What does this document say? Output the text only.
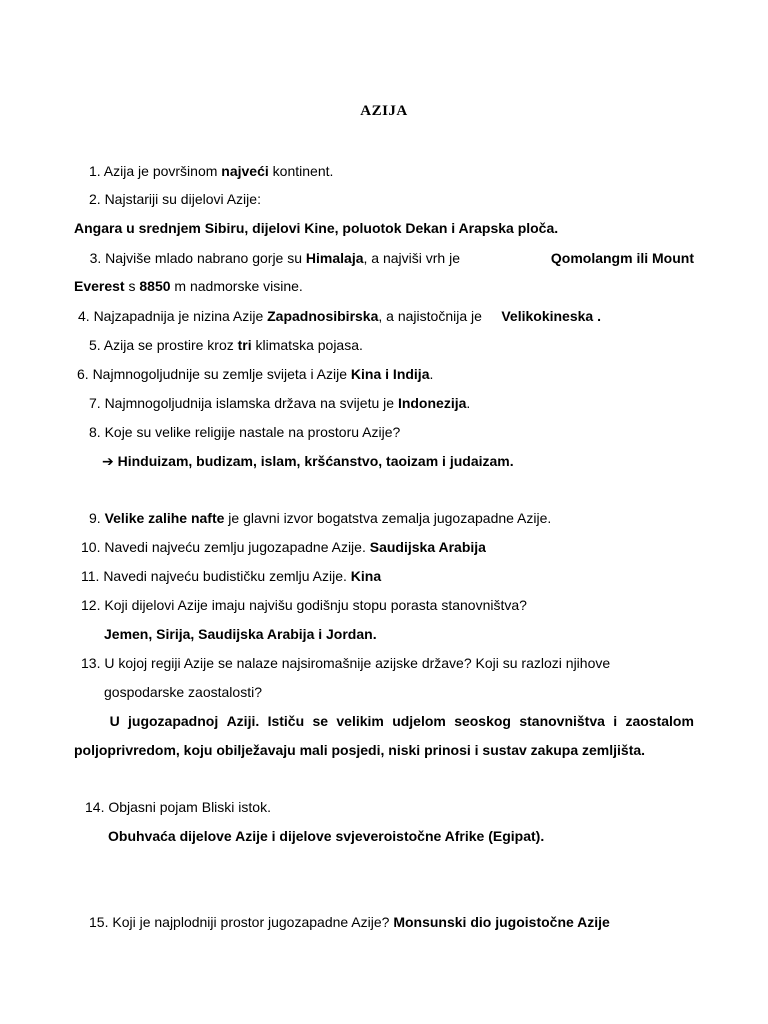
AZIJA
1. Azija je površinom najveći kontinent.
2. Najstariji su dijelovi Azije:
Angara u srednjem Sibiru, dijelovi Kine, poluotok Dekan i Arapska ploča.
3. Najviše mlado nabrano gorje su Himalaja, a najviši vrh je	Qomolangm ili Mount
Everest s 8850 m nadmorske visine.
4. Najzapadnija je nizina Azije Zapadnosibirska, a najistočnija je Velikokineska .
5. Azija se prostire kroz tri klimatska pojasa.
6. Najmnogoljudnije su zemlje svijeta i Azije Kina i Indija.
7. Najmnogoljudnija islamska država na svijetu je Indonezija.
8. Koje su velike religije nastale na prostoru Azije?
➔ Hinduizam, budizam, islam, kršćanstvo, taoizam i judaizam.
9. Velike zalihe nafte je glavni izvor bogatstva zemalja jugozapadne Azije.
10. Navedi najveću zemlju jugozapadne Azije. Saudijska Arabija
11. Navedi najveću budističku zemlju Azije. Kina
12. Koji dijelovi Azije imaju najvišu godišnju stopu porasta stanovništva?
Jemen, Sirija, Saudijska Arabija i Jordan.
13. U kojoj regiji Azije se nalaze najsiromašnije azijske države? Koji su razlozi njihove
gospodarske zaostalosti?

U jugozapadnoj Aziji. Ističu se velikim udjelom seoskog stanovništva i zaostalom
poljoprivredom, koju obilježavaju mali posjedi, niski prinosi i sustav zakupa zemljišta.
14. Objasni pojam Bliski istok.
Obuhvaća dijelove Azije i dijelove svjeveroistočne Afrike (Egipat).
15. Koji je najplodniji prostor jugozapadne Azije? Monsunski dio jugoistočne Azije
